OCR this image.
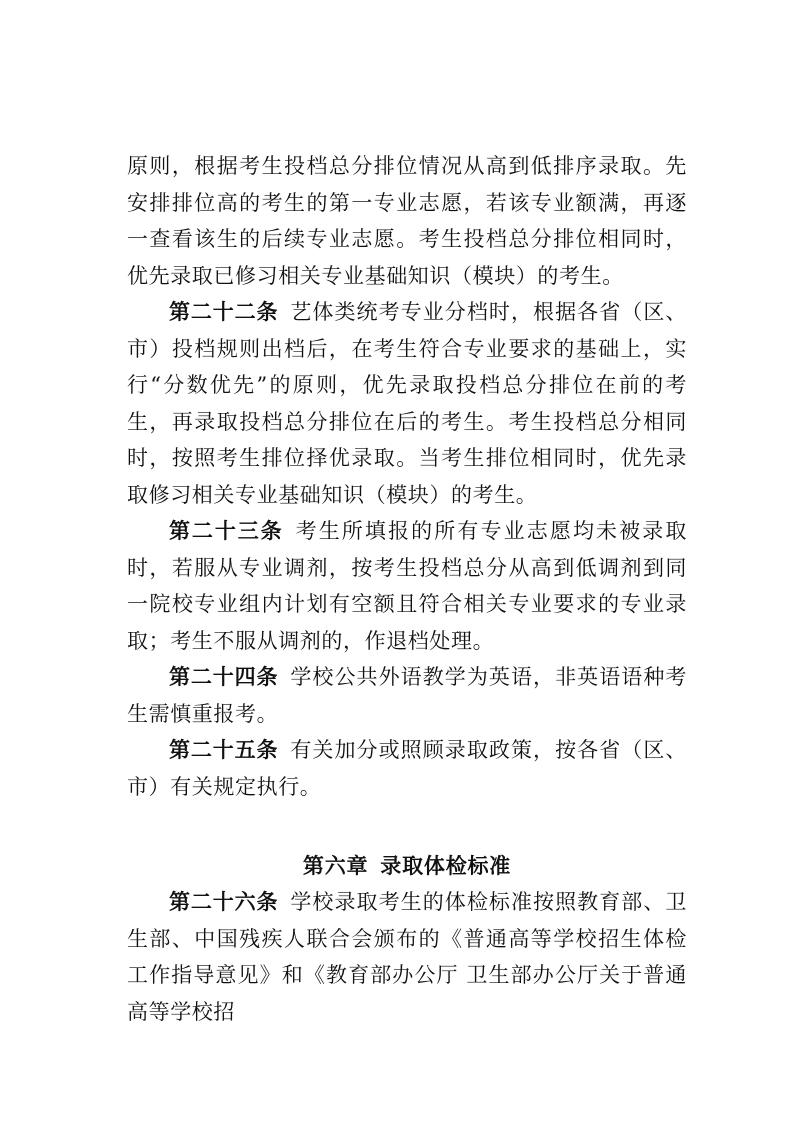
原则，根据考生投档总分排位情况从高到低排序录取。先安排排位高的考生的第一专业志愿，若该专业额满，再逐一查看该生的后续专业志愿。考生投档总分排位相同时，优先录取已修习相关专业基础知识（模块）的考生。

第二十二条 艺体类统考专业分档时，根据各省（区、市）投档规则出档后，在考生符合专业要求的基础上，实行“分数优先”的原则，优先录取投档总分排位在前的考生，再录取投档总分排位在后的考生。考生投档总分相同时，按照考生排位择优录取。当考生排位相同时，优先录取修习相关专业基础知识（模块）的考生。

第二十三条 考生所填报的所有专业志愿均未被录取时，若服从专业调剂，按考生投档总分从高到低调剂到同一院校专业组内计划有空额且符合相关专业要求的专业录取；考生不服从调剂的，作退档处理。

第二十四条 学校公共外语教学为英语，非英语语种考生需慎重报考。

第二十五条 有关加分或照顾录取政策，按各省（区、市）有关规定执行。

第六章 录取体检标准

第二十六条 学校录取考生的体检标准按照教育部、卫生部、中国残疾人联合会颁布的《普通高等学校招生体检工作指导意见》和《教育部办公厅 卫生部办公厅关于普通高等学校招
